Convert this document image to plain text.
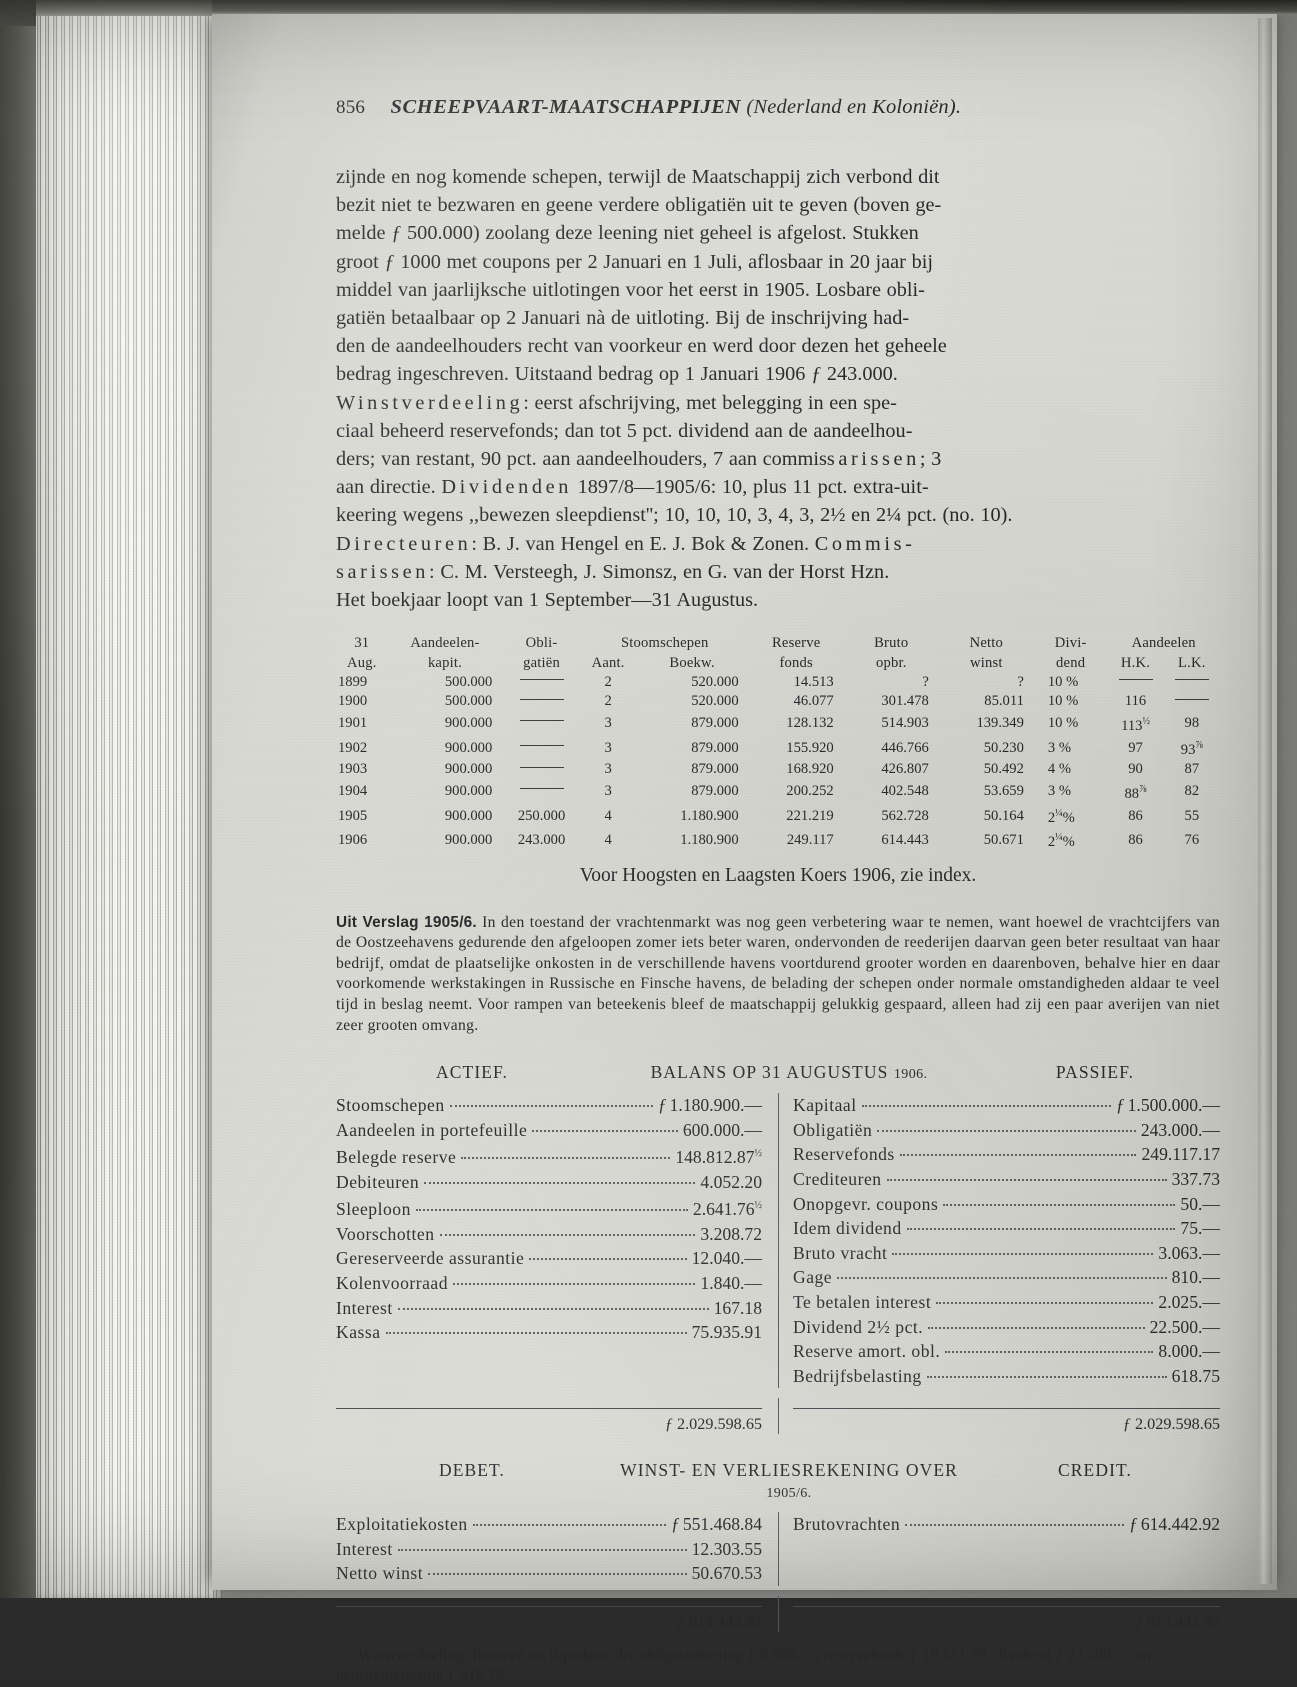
856 SCHEEPVAART-MAATSCHAPPIJEN (Nederland en Koloniën).
zijnde en nog komende schepen, terwijl de Maatschappij zich verbond dit
bezit niet te bezwaren en geene verdere obligatiën uit te geven (boven ge-
melde ƒ 500.000) zoolang deze leening niet geheel is afgelost. Stukken
groot ƒ 1000 met coupons per 2 Januari en 1 Juli, aflosbaar in 20 jaar bij
middel van jaarlijksche uitlotingen voor het eerst in 1905. Losbare obli-
gatiën betaalbaar op 2 Januari nà de uitloting. Bij de inschrijving had-
den de aandeelhouders recht van voorkeur en werd door dezen het geheele
bedrag ingeschreven. Uitstaand bedrag op 1 Januari 1906 ƒ 243.000.
Winstverdeeling: eerst afschrijving, met belegging in een spe-
ciaal beheerd reservefonds; dan tot 5 pct. dividend aan de aandeelhou-
ders; van restant, 90 pct. aan aandeelhouders, 7 aan commissarissen; 3
aan directie. Dividenden 1897/8—1905/6: 10, plus 11 pct. extra-uit-
keering wegens ,,bewezen sleepdienst''; 10, 10, 10, 3, 4, 3, 2½ en 2¼ pct. (no. 10).
Directeuren: B. J. van Hengel en E. J. Bok & Zonen. Commis-
sarissen: C. M. Versteegh, J. Simonsz, en G. van der Horst Hzn.
Het boekjaar loopt van 1 September—31 Augustus.
31	Aandeelen-	Obli-	Stoomschepen		Reserve	Bruto	Netto	Divi-	Aandeelen	
Aug.	kapit.	gatiën	Aant.	Boekw.	fonds	opbr.	winst	dend	H.K.	L.K.
1899	500.000		2	520.000	14.513	?	?	10 %		
1900	500.000		2	520.000	46.077	301.478	85.011	10 %	116	
1901	900.000		3	879.000	128.132	514.903	139.349	10 %	$113^{\frac{1}{2}}$	98
1902	900.000		3	879.000	155.920	446.766	50.230	3 %	97	$93^{\frac{7}{8}}$
1903	900.000		3	879.000	168.920	426.807	50.492	4 %	90	87
1904	900.000		3	879.000	200.252	402.548	53.659	3 %	$88^{\frac{7}{8}}$	82
1905	900.000	250.000	4	1.180.900	221.219	562.728	50.164	$2^{\frac{1}{4}}\%$	86	55
1906	900.000	243.000	4	1.180.900	249.117	614.443	50.671	$2^{\frac{1}{4}}\%$	86	76
Voor Hoogsten en Laagsten Koers 1906, zie index.
Uit Verslag 1905/6. In den toestand der vrachtenmarkt was nog geen verbetering waar te nemen, want hoewel de vrachtcijfers van de Oostzeehavens gedurende den afgeloopen zomer iets beter waren, ondervonden de reederijen daarvan geen beter resultaat van haar bedrijf, omdat de plaatselijke onkosten in de verschillende havens voortdurend grooter worden en daarenboven, behalve hier en daar voorkomende werkstakingen in Russische en Finsche havens, de belading der schepen onder normale omstandigheden aldaar te veel tijd in beslag neemt. Voor rampen van beteekenis bleef de maatschappij gelukkig gespaard, alleen had zij een paar averijen van niet zeer grooten omvang.
ACTIEF.	BALANS OP 31 AUGUSTUS 1906.	PASSIEF.
Stoomschepen	ƒ 1.180.900.—
Aandeelen in portefeuille	600.000.—
Belegde reserve	$148.812.87^{\frac{1}{2}}$
Debiteuren	4.052.20
Sleeploon	$2.641.76^{\frac{1}{2}}$
Voorschotten	3.208.72
Gereserveerde assurantie	12.040.—
Kolenvoorraad	1.840.—
Interest	167.18
Kassa	75.935.91
Kapitaal	ƒ 1.500.000.—
Obligatiën	243.000.—
Reservefonds	249.117.17
Crediteuren	337.73
Onopgevr. coupons	50.—
Idem dividend	75.—
Bruto vracht	3.063.—
Gage	810.—
Te betalen interest	2.025.—
Dividend 2½ pct.	22.500.—
Reserve amort. obl.	8.000.—
Bedrijfsbelasting	618.75
ƒ 2.029.598.65	ƒ 2.029.598.65
DEBET.	WINST- EN VERLIESREKENING OVER 1905/6.
CREDIT.
Exploitatiekosten	ƒ 551.468.84
Interest	12.303.55
Netto winst	50.670.53
Brutovrachten	ƒ 614.442.92
ƒ 614.442.92	ƒ 614.442.92
Winstverdeeling: Reserve tot liquidatie der obligatieleening ƒ 8.000.—, reservefonds ƒ 19.551.78, dividend ƒ 22.500.— en bedrijfsbelasting ƒ 618.75.
